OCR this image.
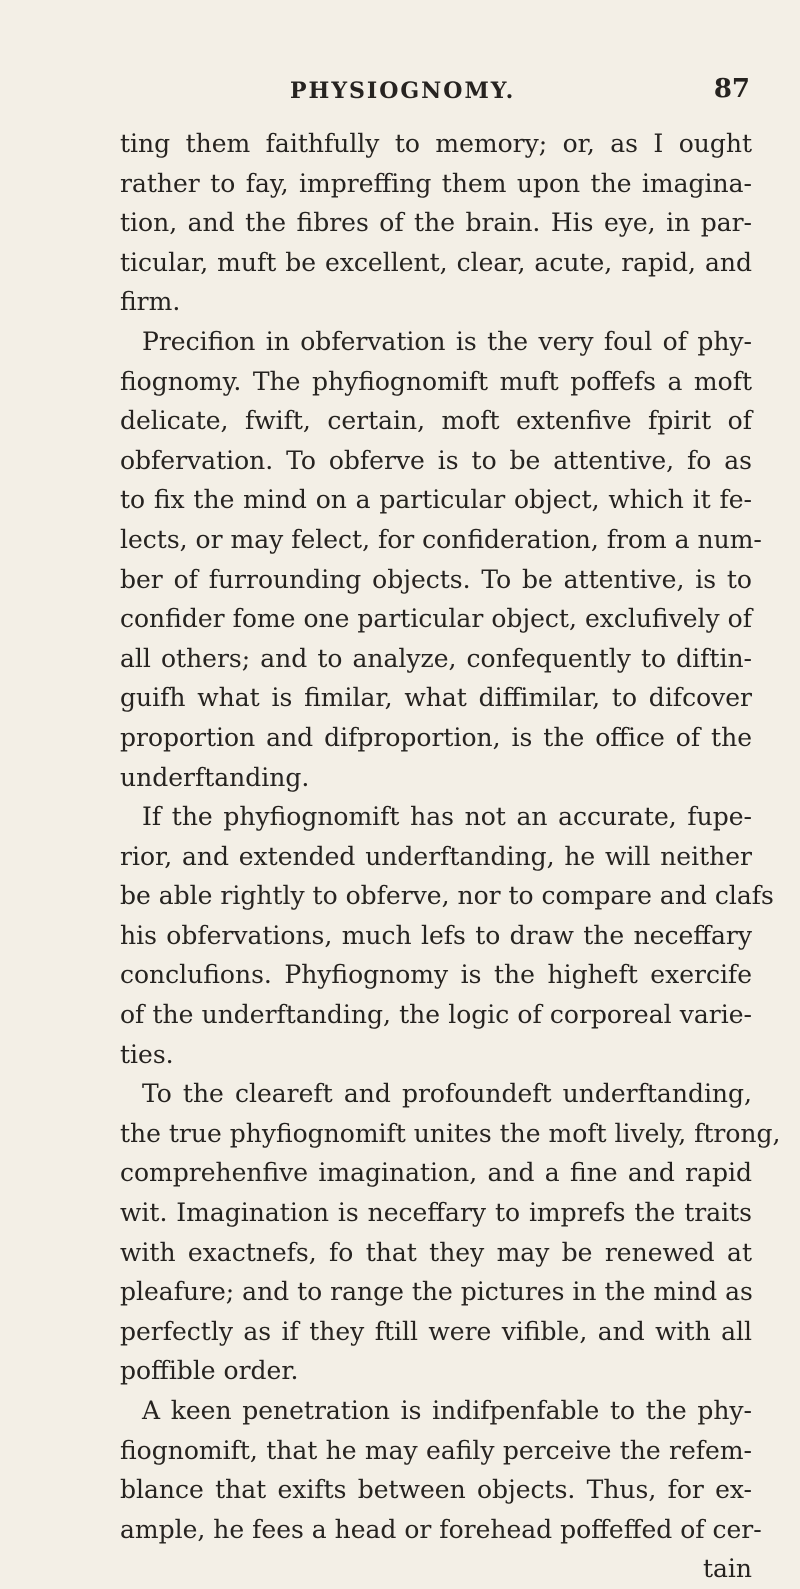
PHYSIOGNOMY.	87
ting them faithfully to memory; or, as I ought
rather to fay, impreffing them upon the imagina-
tion, and the fibres of the brain. His eye, in par-
ticular, muft be excellent, clear, acute, rapid, and
firm.
Precifion in obfervation is the very foul of phy-
fiognomy. The phyfiognomift muft poffefs a moft
delicate, fwift, certain, moft extenfive fpirit of
obfervation. To obferve is to be attentive, fo as
to fix the mind on a particular object, which it fe-
lects, or may felect, for confideration, from a num-
ber of furrounding objects. To be attentive, is to
confider fome one particular object, exclufively of
all others; and to analyze, confequently to diftin-
guifh what is fimilar, what diffimilar, to difcover
proportion and difproportion, is the office of the
underftanding.
If the phyfiognomift has not an accurate, fupe-
rior, and extended underftanding, he will neither
be able rightly to obferve, nor to compare and clafs
his obfervations, much lefs to draw the neceffary
conclufions. Phyfiognomy is the higheft exercife
of the underftanding, the logic of corporeal varie-
ties.
To the cleareft and profoundeft underftanding,
the true phyfiognomift unites the moft lively, ftrong,
comprehenfive imagination, and a fine and rapid
wit. Imagination is neceffary to imprefs the traits
with exactnefs, fo that they may be renewed at
pleafure; and to range the pictures in the mind as
perfectly as if they ftill were vifible, and with all
poffible order.
A keen penetration is indifpenfable to the phy-
fiognomift, that he may eafily perceive the refem-
blance that exifts between objects. Thus, for ex-
ample, he fees a head or forehead poffeffed of cer-
tain
